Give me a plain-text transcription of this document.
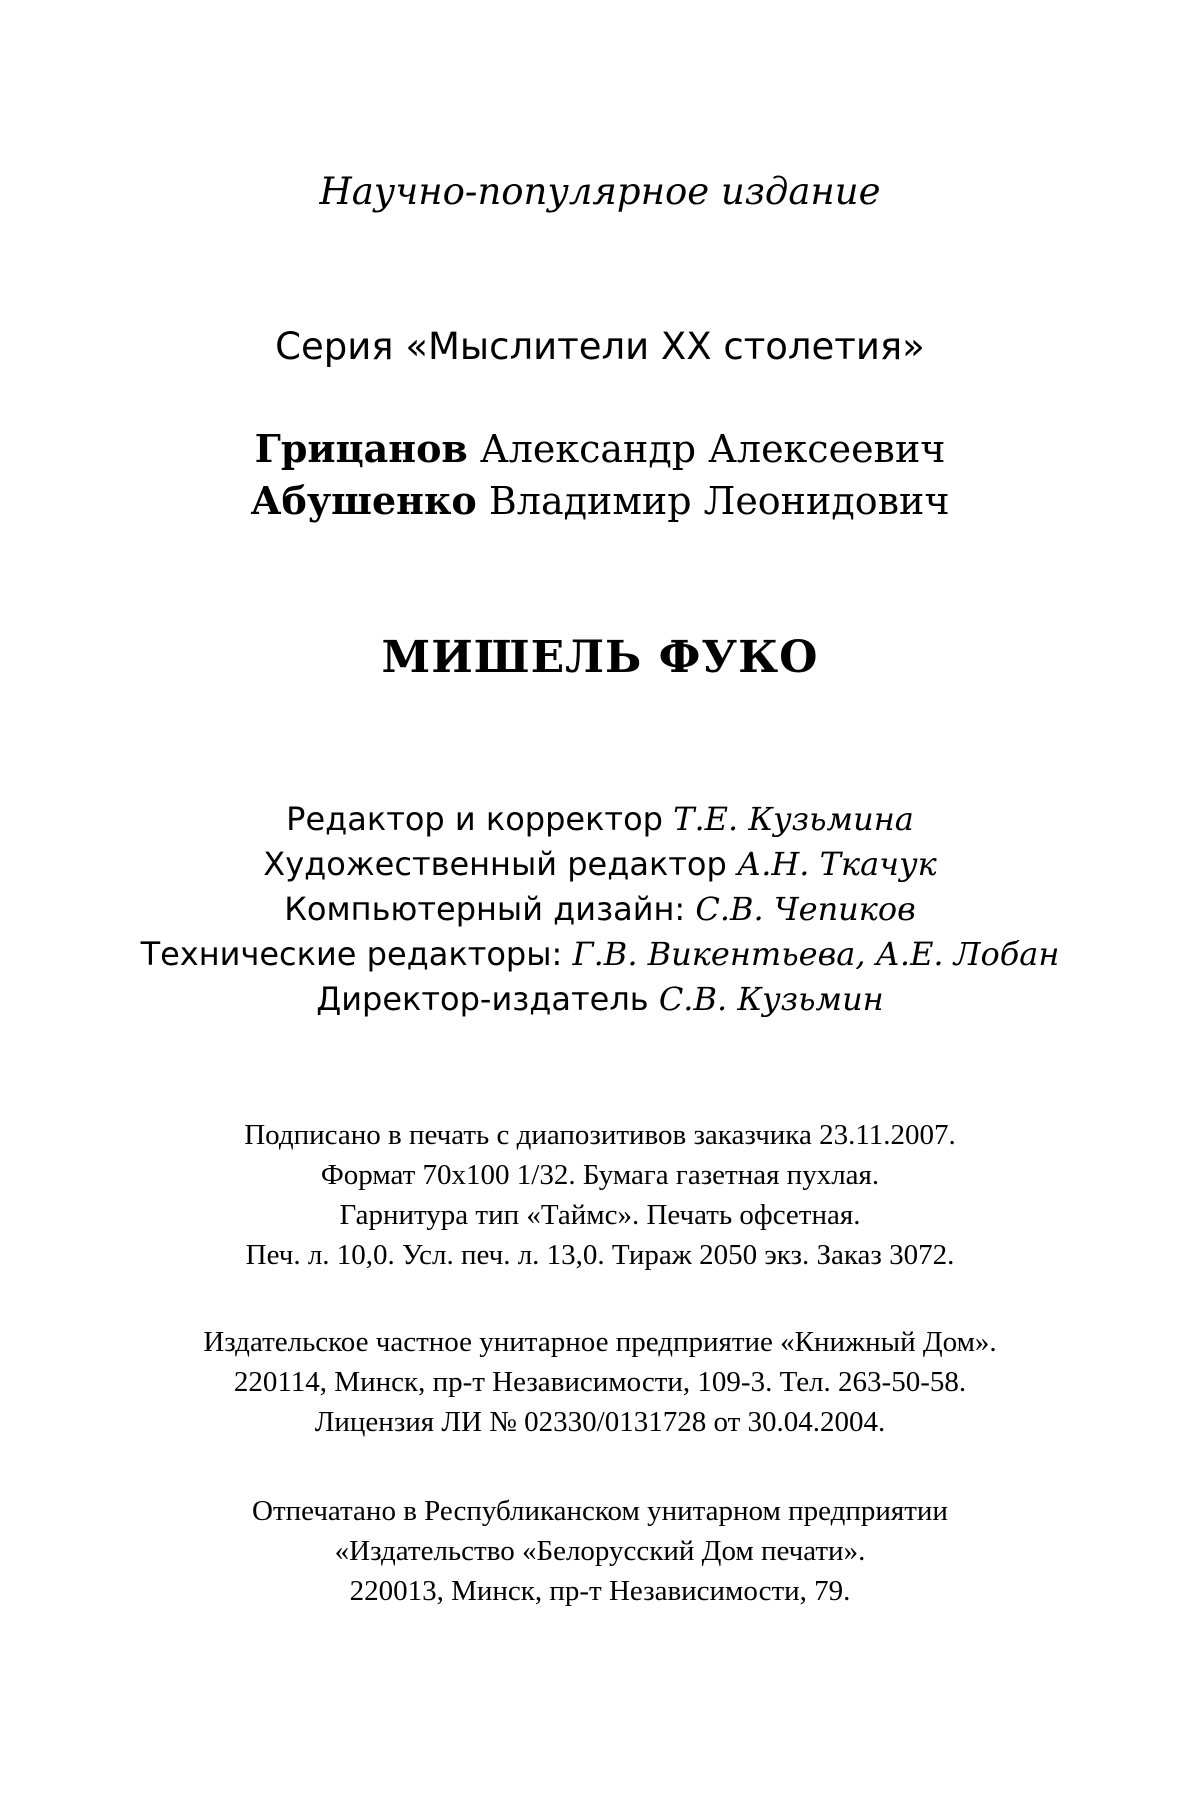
Научно-популярное издание
Серия «Мыслители XX столетия»
Грицанов Александр Алексеевич
Абушенко Владимир Леонидович
МИШЕЛЬ ФУКО
Редактор и корректор Т.Е. Кузьмина
Художественный редактор А.Н. Ткачук
Компьютерный дизайн: С.В. Чепиков
Технические редакторы: Г.В. Викентьева, А.Е. Лобан
Директор-издатель С.В. Кузьмин
Подписано в печать с диапозитивов заказчика 23.11.2007.
Формат 70x100 1/32. Бумага газетная пухлая.
Гарнитура тип «Таймс». Печать офсетная.
Печ. л. 10,0. Усл. печ. л. 13,0. Тираж 2050 экз. Заказ 3072.
Издательское частное унитарное предприятие «Книжный Дом».
220114, Минск, пр-т Независимости, 109-3. Тел. 263-50-58.
Лицензия ЛИ № 02330/0131728 от 30.04.2004.
Отпечатано в Республиканском унитарном предприятии
«Издательство «Белорусский Дом печати».
220013, Минск, пр-т Независимости, 79.
